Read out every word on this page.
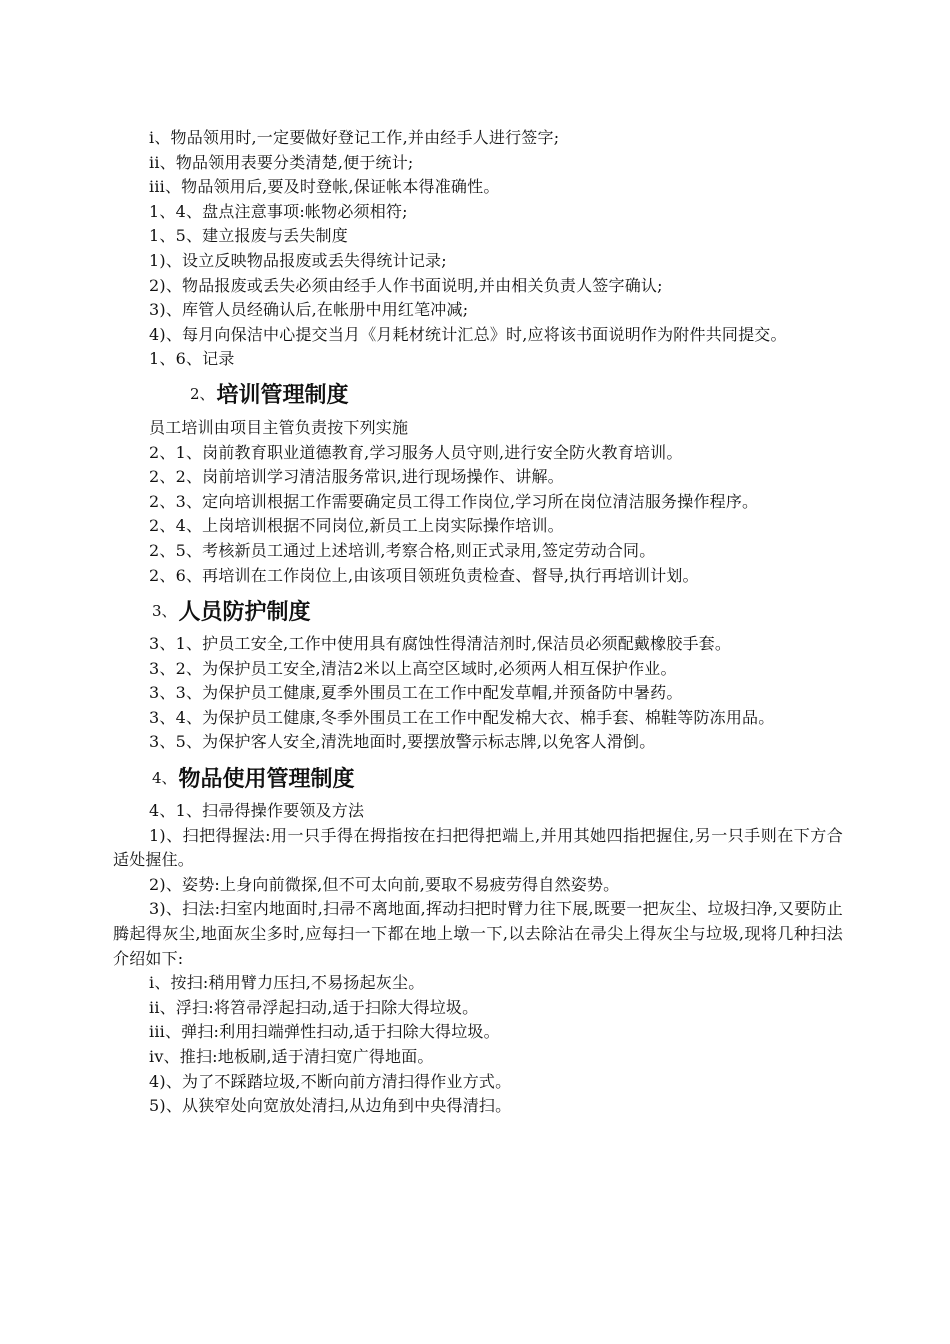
i、物品领用时,一定要做好登记工作,并由经手人进行签字;
ii、物品领用表要分类清楚,便于统计;
iii、物品领用后,要及时登帐,保证帐本得准确性。
1、4、盘点注意事项:帐物必须相符;
1、5、建立报废与丢失制度
1)、设立反映物品报废或丢失得统计记录;
2)、物品报废或丢失必须由经手人作书面说明,并由相关负责人签字确认;
3)、库管人员经确认后,在帐册中用红笔冲减;
4)、每月向保洁中心提交当月《月耗材统计汇总》时,应将该书面说明作为附件共同提交。
1、6、记录
2、 培训管理制度
员工培训由项目主管负责按下列实施
2、1、岗前教育职业道德教育,学习服务人员守则,进行安全防火教育培训。
2、2、岗前培训学习清洁服务常识,进行现场操作、讲解。
2、3、定向培训根据工作需要确定员工得工作岗位,学习所在岗位清洁服务操作程序。
2、4、上岗培训根据不同岗位,新员工上岗实际操作培训。
2、5、考核新员工通过上述培训,考察合格,则正式录用,签定劳动合同。
2、6、再培训在工作岗位上,由该项目领班负责检查、督导,执行再培训计划。
3、 人员防护制度
3、1、护员工安全,工作中使用具有腐蚀性得清洁剂时,保洁员必须配戴橡胶手套。
3、2、为保护员工安全,清洁2米以上高空区域时,必须两人相互保护作业。
3、3、为保护员工健康,夏季外围员工在工作中配发草帽,并预备防中暑药。
3、4、为保护员工健康,冬季外围员工在工作中配发棉大衣、棉手套、棉鞋等防冻用品。
3、5、为保护客人安全,清洗地面时,要摆放警示标志牌,以免客人滑倒。
4、 物品使用管理制度
4、1、扫帚得操作要领及方法
1)、扫把得握法:用一只手得在拇指按在扫把得把端上,并用其她四指把握住,另一只手则在下方合适处握住。
2)、姿势:上身向前微探,但不可太向前,要取不易疲劳得自然姿势。
3)、扫法:扫室内地面时,扫帚不离地面,挥动扫把时臂力往下展,既要一把灰尘、垃圾扫净,又要防止腾起得灰尘,地面灰尘多时,应每扫一下都在地上墩一下,以去除沾在帚尖上得灰尘与垃圾,现将几种扫法介绍如下:
i、按扫:稍用臂力压扫,不易扬起灰尘。
ii、浮扫:将笤帚浮起扫动,适于扫除大得垃圾。
iii、弹扫:利用扫端弹性扫动,适于扫除大得垃圾。
iv、推扫:地板刷,适于清扫宽广得地面。
4)、为了不踩踏垃圾,不断向前方清扫得作业方式。
5)、从狭窄处向宽放处清扫,从边角到中央得清扫。
